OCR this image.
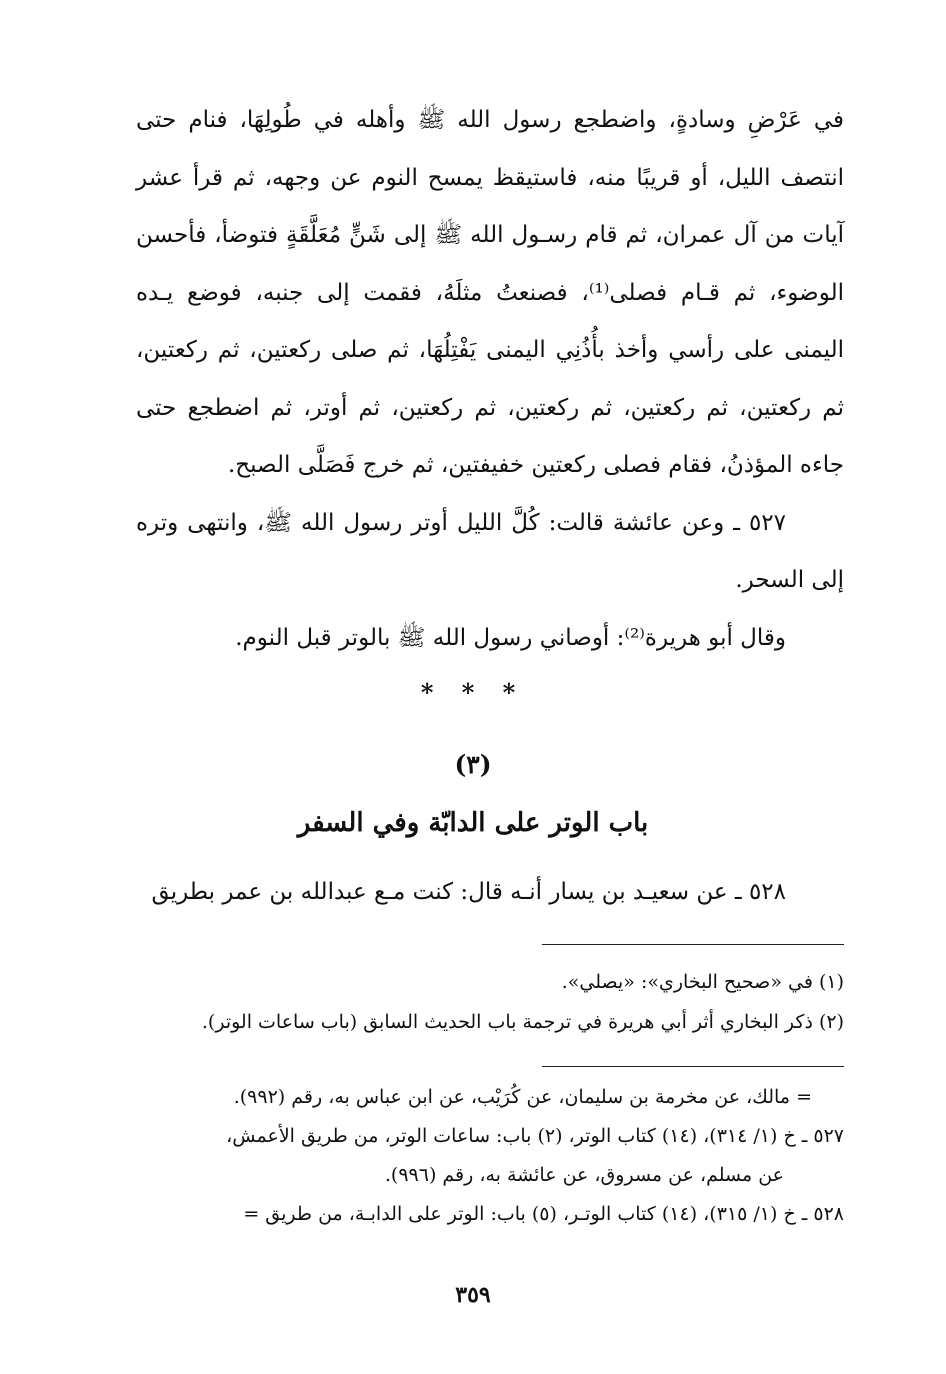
في عَرْضِ وسادةٍ، واضطجع رسول الله ﷺ وأهله في طُولِهَا، فنام حتى انتصف الليل، أو قريبًا منه، فاستيقظ يمسح النوم عن وجهه، ثم قرأ عشر آيات من آل عمران، ثم قام رسـول الله ﷺ إلى شَنٍّ مُعَلَّقَةٍ فتوضأ، فأحسن الوضوء، ثم قـام فصلى⁽¹⁾، فصنعتُ مثلَهُ، فقمت إلى جنبه، فوضع يـده اليمنى على رأسي وأخذ بأُذُنِي اليمنى يَفْتِلُهَا، ثم صلى ركعتين، ثم ركعتين، ثم ركعتين، ثم ركعتين، ثم ركعتين، ثم ركعتين، ثم أوتر، ثم اضطجع حتى جاءه المؤذنُ، فقام فصلى ركعتين خفيفتين، ثم خرج فَصَلَّى الصبح.

٥٢٧ ـ وعن عائشة قالت: كُلَّ الليل أوتر رسول الله ﷺ، وانتهى وتره إلى السحر.

وقال أبو هريرة⁽²⁾: أوصاني رسول الله ﷺ بالوتر قبل النوم.

* * *
(٣)
باب الوتر على الدابّة وفي السفر

٥٢٨ ـ عن سعيـد بن يسار أنـه قال: كنت مـع عبدالله بن عمر بطريق

(١) في «صحيح البخاري»: «يصلي».

(٢) ذكر البخاري أثر أبي هريرة في ترجمة باب الحديث السابق (باب ساعات الوتر).

= مالك، عن مخرمة بن سليمان، عن كُرَيْب، عن ابن عباس به، رقم (٩٩٢).

٥٢٧ ـ خ (١/ ٣١٤)، (١٤) كتاب الوتر، (٢) باب: ساعات الوتر، من طريق الأعمش،

عن مسلم، عن مسروق، عن عائشة به، رقم (٩٩٦).

٥٢٨ ـ خ (١/ ٣١٥)، (١٤) كتاب الوتـر، (٥) باب: الوتر على الدابـة، من طريق =

٣٥٩
